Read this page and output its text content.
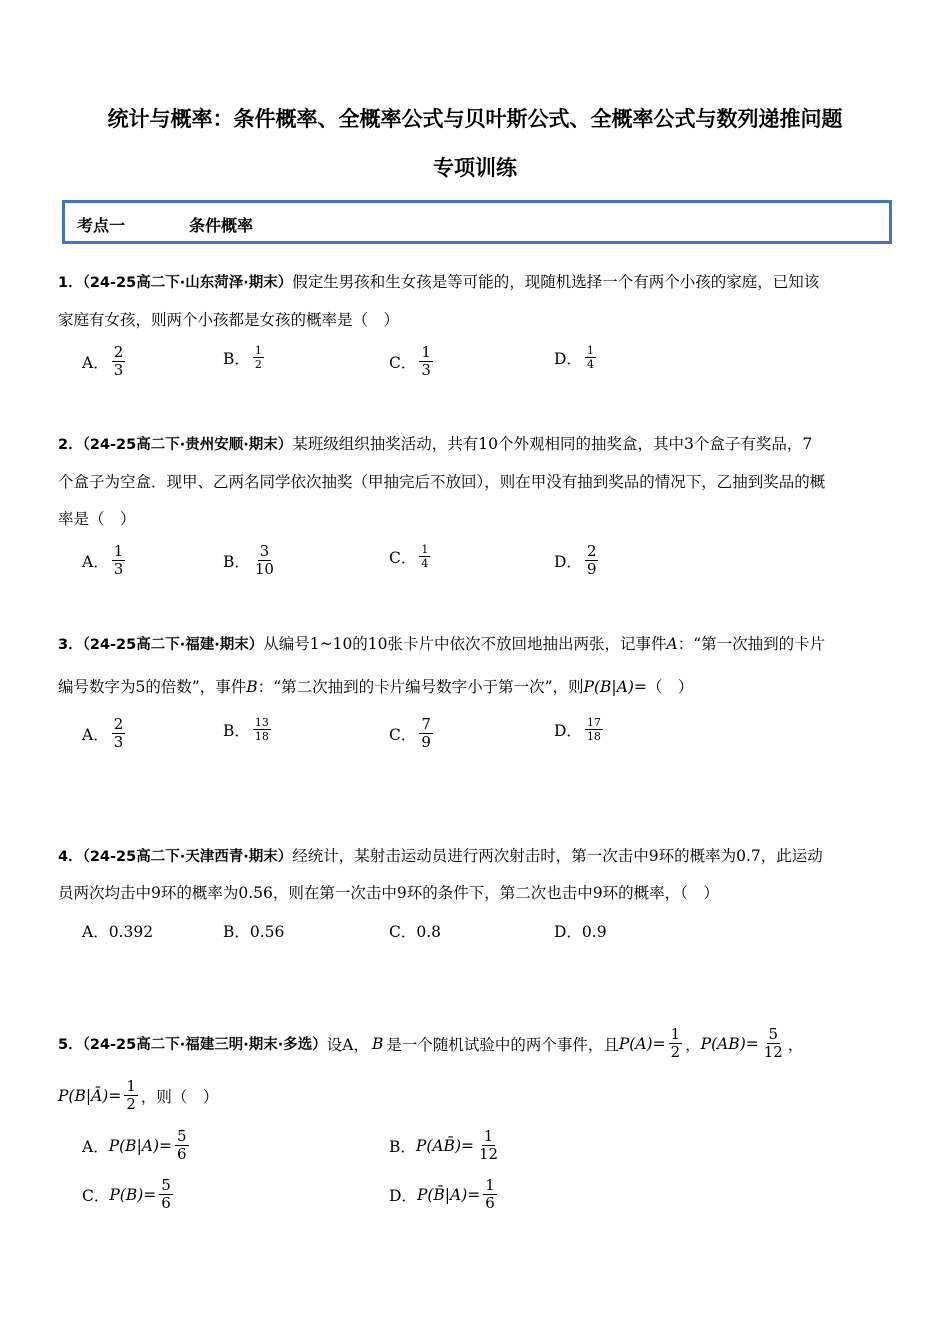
统计与概率：条件概率、全概率公式与贝叶斯公式、全概率公式与数列递推问题
专项训练
考点一	条件概率
1．（24-25高二下·山东菏泽·期末）假定生男孩和生女孩是等可能的，现随机选择一个有两个小孩的家庭，已知该
家庭有女孩，则两个小孩都是女孩的概率是（　）
A． $\frac{2}{3}$	B． $\frac{1}{2}$	C． $\frac{1}{3}$	D． $\frac{1}{4}$
2．（24-25高二下·贵州安顺·期末）某班级组织抽奖活动，共有10个外观相同的抽奖盒，其中3个盒子有奖品，7
个盒子为空盒．现甲、乙两名同学依次抽奖（甲抽完后不放回），则在甲没有抽到奖品的情况下，乙抽到奖品的概
率是（　）
A． $\frac{1}{3}$	B． $\frac{3}{10}$	C． $\frac{1}{4}$	D． $\frac{2}{9}$
3．（24-25高二下·福建·期末）从编号1~10的10张卡片中依次不放回地抽出两张，记事件A：“第一次抽到的卡片
编号数字为5的倍数”，事件B：“第二次抽到的卡片编号数字小于第一次”，则P(B|A)=（　）
A． $\frac{2}{3}$	B． $\frac{13}{18}$	C． $\frac{7}{9}$	D． $\frac{17}{18}$
4．（24-25高二下·天津西青·期末）经统计，某射击运动员进行两次射击时，第一次击中9环的概率为0.7，此运动
员两次均击中9环的概率为0.56，则在第一次击中9环的条件下，第二次也击中9环的概率，（　）
A．0.392	B．0.56	C．0.8	D．0.9
5．（24-25高二下·福建三明·期末·多选） 设A， B 是一个随机试验中的两个事件，且 $P(A)= \frac{1}{2}$ ， $P(AB)= \frac{5}{12}$ ，
P(B|Ā)= $\frac{1}{2}$ ，则（　）
A． $P(B|A)= \frac{5}{6}$	B． P(AB̄)= $\frac{1}{12}$
C． $P(B)= \frac{5}{6}$	D． P(B̄|A)= $\frac{1}{6}$
